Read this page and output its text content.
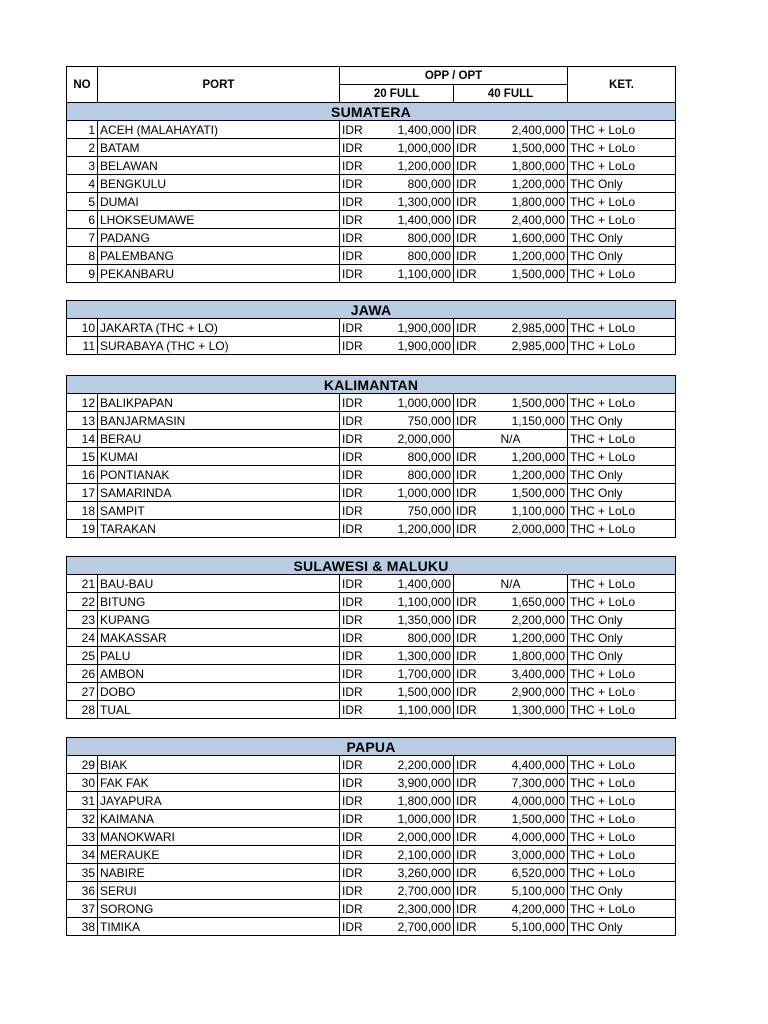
NO	PORT	OPP / OPT				KET.
		20 FULL		40 FULL		
SUMATERA						
1	ACEH (MALAHAYATI)	IDR	1,400,000	IDR	2,400,000	THC + LoLo
2	BATAM	IDR	1,000,000	IDR	1,500,000	THC + LoLo
3	BELAWAN	IDR	1,200,000	IDR	1,800,000	THC + LoLo
4	BENGKULU	IDR	800,000	IDR	1,200,000	THC Only
5	DUMAI	IDR	1,300,000	IDR	1,800,000	THC + LoLo
6	LHOKSEUMAWE	IDR	1,400,000	IDR	2,400,000	THC + LoLo
7	PADANG	IDR	800,000	IDR	1,600,000	THC Only
8	PALEMBANG	IDR	800,000	IDR	1,200,000	THC Only
9	PEKANBARU	IDR	1,100,000	IDR	1,500,000	THC + LoLo
JAWA						
10	JAKARTA (THC + LO)	IDR	1,900,000	IDR	2,985,000	THC + LoLo
11	SURABAYA (THC + LO)	IDR	1,900,000	IDR	2,985,000	THC + LoLo
KALIMANTAN						
12	BALIKPAPAN	IDR	1,000,000	IDR	1,500,000	THC + LoLo
13	BANJARMASIN	IDR	750,000	IDR	1,150,000	THC Only
14	BERAU	IDR	2,000,000	N/A		THC + LoLo
15	KUMAI	IDR	800,000	IDR	1,200,000	THC + LoLo
16	PONTIANAK	IDR	800,000	IDR	1,200,000	THC Only
17	SAMARINDA	IDR	1,000,000	IDR	1,500,000	THC Only
18	SAMPIT	IDR	750,000	IDR	1,100,000	THC + LoLo
19	TARAKAN	IDR	1,200,000	IDR	2,000,000	THC + LoLo
SULAWESI & MALUKU						
21	BAU-BAU	IDR	1,400,000	N/A		THC + LoLo
22	BITUNG	IDR	1,100,000	IDR	1,650,000	THC + LoLo
23	KUPANG	IDR	1,350,000	IDR	2,200,000	THC Only
24	MAKASSAR	IDR	800,000	IDR	1,200,000	THC Only
25	PALU	IDR	1,300,000	IDR	1,800,000	THC Only
26	AMBON	IDR	1,700,000	IDR	3,400,000	THC + LoLo
27	DOBO	IDR	1,500,000	IDR	2,900,000	THC + LoLo
28	TUAL	IDR	1,100,000	IDR	1,300,000	THC + LoLo
PAPUA						
29	BIAK	IDR	2,200,000	IDR	4,400,000	THC + LoLo
30	FAK FAK	IDR	3,900,000	IDR	7,300,000	THC + LoLo
31	JAYAPURA	IDR	1,800,000	IDR	4,000,000	THC + LoLo
32	KAIMANA	IDR	1,000,000	IDR	1,500,000	THC + LoLo
33	MANOKWARI	IDR	2,000,000	IDR	4,000,000	THC + LoLo
34	MERAUKE	IDR	2,100,000	IDR	3,000,000	THC + LoLo
35	NABIRE	IDR	3,260,000	IDR	6,520,000	THC + LoLo
36	SERUI	IDR	2,700,000	IDR	5,100,000	THC Only
37	SORONG	IDR	2,300,000	IDR	4,200,000	THC + LoLo
38	TIMIKA	IDR	2,700,000	IDR	5,100,000	THC Only
